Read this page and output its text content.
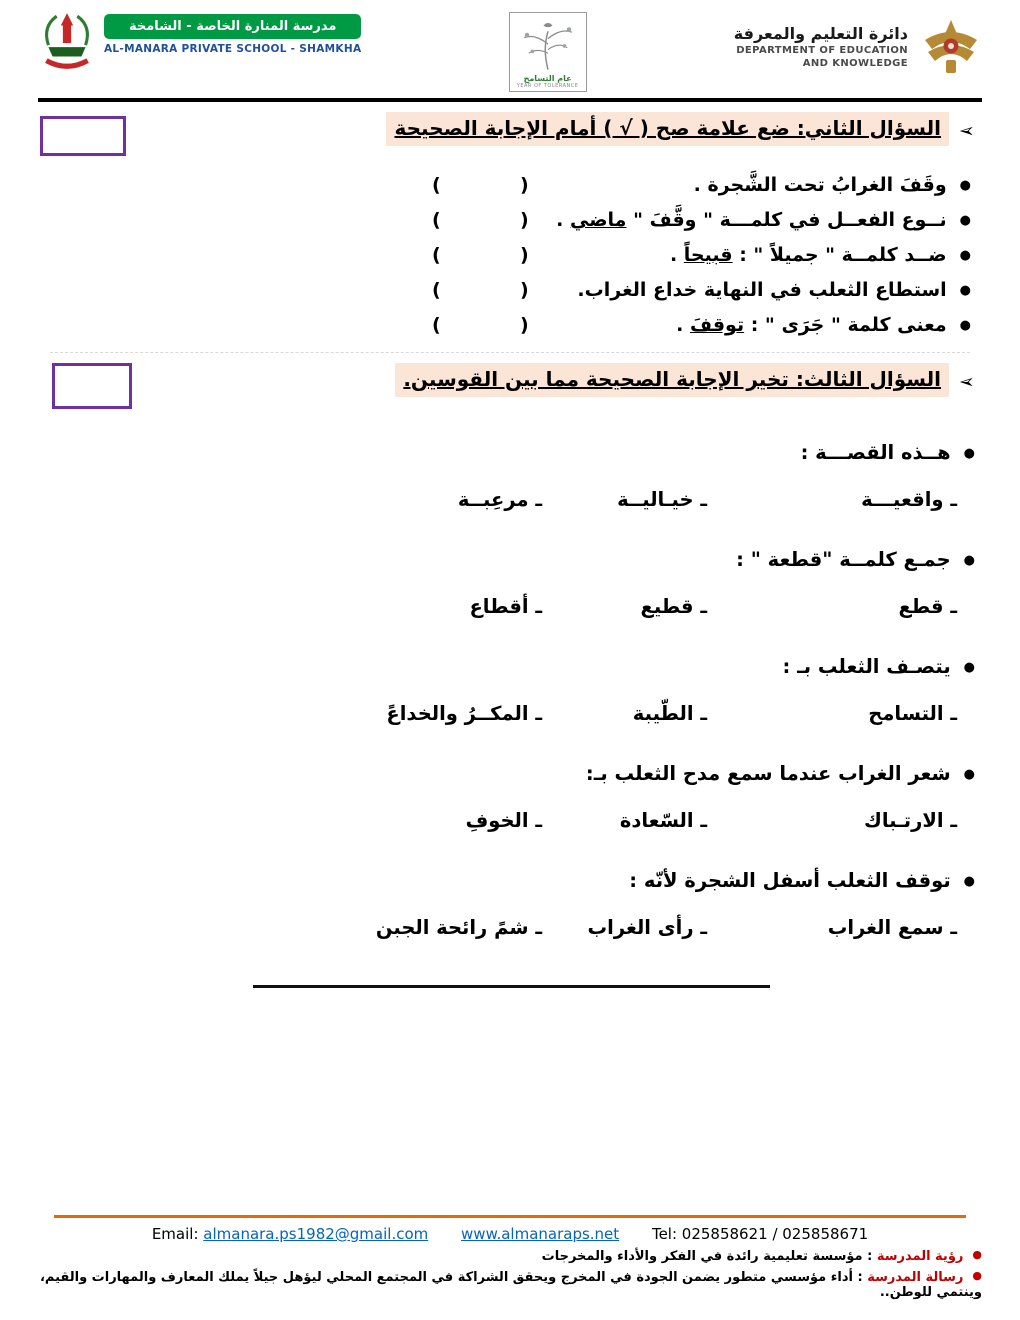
مدرسة المنارة الخاصة - الشامخة
AL-MANARA PRIVATE SCHOOL - SHAMKHA
عام التسامح
YEAR OF TOLERANCE
دائرة التعليم والمعرفة
DEPARTMENT OF EDUCATION
AND KNOWLEDGE
➢ السؤال الثاني: ضع علامة صح ( √ ) أمام الإجابة الصحيحة
●وقَفَ الغرابُ تحت الشَّجرة .
(            )
●نــوع الفعــل في كلمـــة " وقَّفَ " ماضي .
(            )
●ضــد كلمــة " جميلاً " : قبيحاً .
(            )
●استطاع الثعلب في النهاية خداع الغراب.
(            )
●معنى كلمة " جَرَى " : توقفَ .
(            )
➢ السؤال الثالث: تخير الإجابة الصحيحة مما بين القوسين.
●هــذه القصـــة :
ـ واقعيـــة
ـ خيـاليــة
ـ مرعِبــة
●جمـع كلمــة "قطعة " :
ـ قطع
ـ قطيع
ـ أقطاع
●يتصـف الثعلب بـ :
ـ التسامح
ـ الطّيبة
ـ المكــرُ والخداعً
●شعر الغراب عندما سمع مدح الثعلب بـ:
ـ الارتـباك
ـ السّعادة
ـ الخوفِ
●توقف الثعلب أسفل الشجرة لأنّه :
ـ سمع الغراب
ـ رأى الغراب
ـ شمً رائحة الجبن
Email: almanara.ps1982@gmail.com www.almanaraps.net Tel: 025858621 / 025858671
●رؤية المدرسة : مؤسسة تعليمية رائدة في الفكر والأداء والمخرجات
●رسالة المدرسة : أداء مؤسسي متطور يضمن الجودة في المخرج ويحقق الشراكة في المجتمع المحلي ليؤهل جيلاً يملك المعارف والمهارات والقيم، وينتمي للوطن..
